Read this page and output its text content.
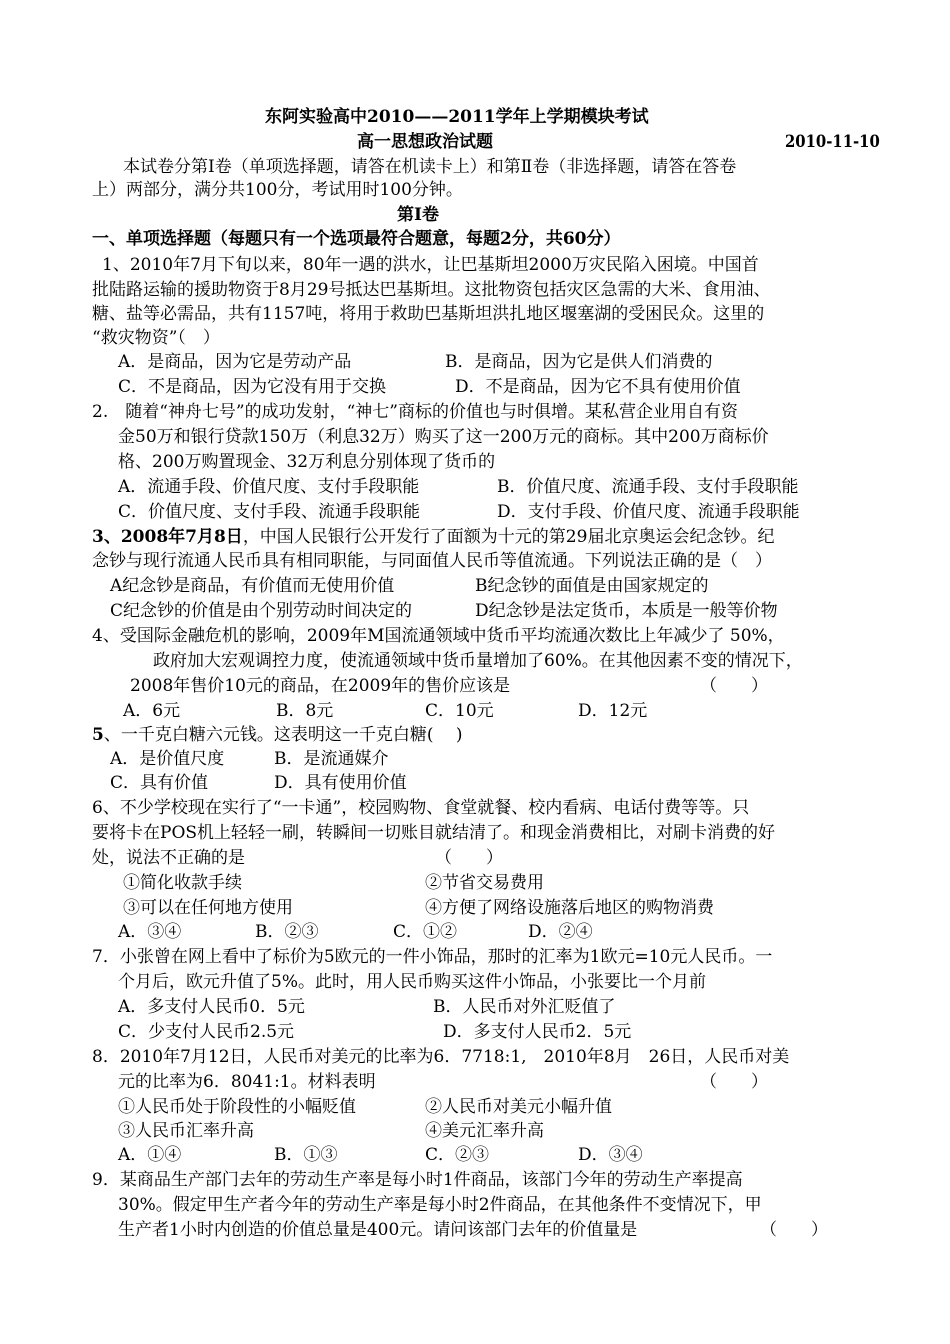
东阿实验高中2010——2011学年上学期模块考试
高一思想政治试题	2010-11-10
本试卷分第Ⅰ卷（单项选择题，请答在机读卡上）和第Ⅱ卷（非选择题，请答在答卷
上）两部分，满分共100分，考试用时100分钟。
第Ⅰ卷
一、单项选择题（每题只有一个选项最符合题意，每题2分，共60分）
1、2010年7月下旬以来，80年一遇的洪水，让巴基斯坦2000万灾民陷入困境。中国首
批陆路运输的援助物资于8月29号抵达巴基斯坦。这批物资包括灾区急需的大米、食用油、
糖、盐等必需品，共有1157吨，将用于救助巴基斯坦洪扎地区堰塞湖的受困民众。这里的
“救灾物资”（　）
A．是商品，因为它是劳动产品	B．是商品，因为它是供人们消费的
C．不是商品，因为它没有用于交换	D．不是商品，因为它不具有使用价值
2.　随着“神舟七号”的成功发射，“神七”商标的价值也与时俱增。某私营企业用自有资
金50万和银行贷款150万（利息32万）购买了这一200万元的商标。其中200万商标价
格、200万购置现金、32万利息分别体现了货币的
A．流通手段、价值尺度、支付手段职能	B．价值尺度、流通手段、支付手段职能
C．价值尺度、支付手段、流通手段职能	D．支付手段、价值尺度、流通手段职能
3、2008年7月8日，中国人民银行公开发行了面额为十元的第29届北京奥运会纪念钞。纪
念钞与现行流通人民币具有相同职能，与同面值人民币等值流通。下列说法正确的是（　）
A纪念钞是商品，有价值而无使用价值	B纪念钞的面值是由国家规定的
C纪念钞的价值是由个别劳动时间决定的	D纪念钞是法定货币，本质是一般等价物
4、受国际金融危机的影响，2009年M国流通领域中货币平均流通次数比上年减少了 50%，
政府加大宏观调控力度，使流通领域中货币量增加了60%。在其他因素不变的情况下，
2008年售价10元的商品，在2009年的售价应该是	（　　）
A．6元	B．8元	C．10元	D．12元
5、一千克白糖六元钱。这表明这一千克白糖(　 )
A．是价值尺度	B．是流通媒介
C．具有价值	D．具有使用价值
6、不少学校现在实行了“一卡通”，校园购物、食堂就餐、校内看病、电话付费等等。只
要将卡在POS机上轻轻一刷，转瞬间一切账目就结清了。和现金消费相比，对刷卡消费的好
处，说法不正确的是	（　　）
①简化收款手续	②节省交易费用
③可以在任何地方使用	④方便了网络设施落后地区的购物消费
A．③④	B．②③	C．①②	D．②④
7．小张曾在网上看中了标价为5欧元的一件小饰品，那时的汇率为1欧元=10元人民币。一
个月后，欧元升值了5%。此时，用人民币购买这件小饰品，小张要比一个月前
A．多支付人民币0．5元	B．人民币对外汇贬值了
C．少支付人民币2.5元	D．多支付人民币2．5元
8．2010年7月12日，人民币对美元的比率为6．7718:1,　2010年8月　26日，人民币对美
元的比率为6．8041:1。材料表明	（　　）
①人民币处于阶段性的小幅贬值	②人民币对美元小幅升值
③人民币汇率升高	④美元汇率升高
A．①④	B．①③	C．②③	D．③④
9．某商品生产部门去年的劳动生产率是每小时1件商品，该部门今年的劳动生产率提高
30%。假定甲生产者今年的劳动生产率是每小时2件商品，在其他条件不变情况下，甲
生产者1小时内创造的价值总量是400元。请问该部门去年的价值量是	（　　）
